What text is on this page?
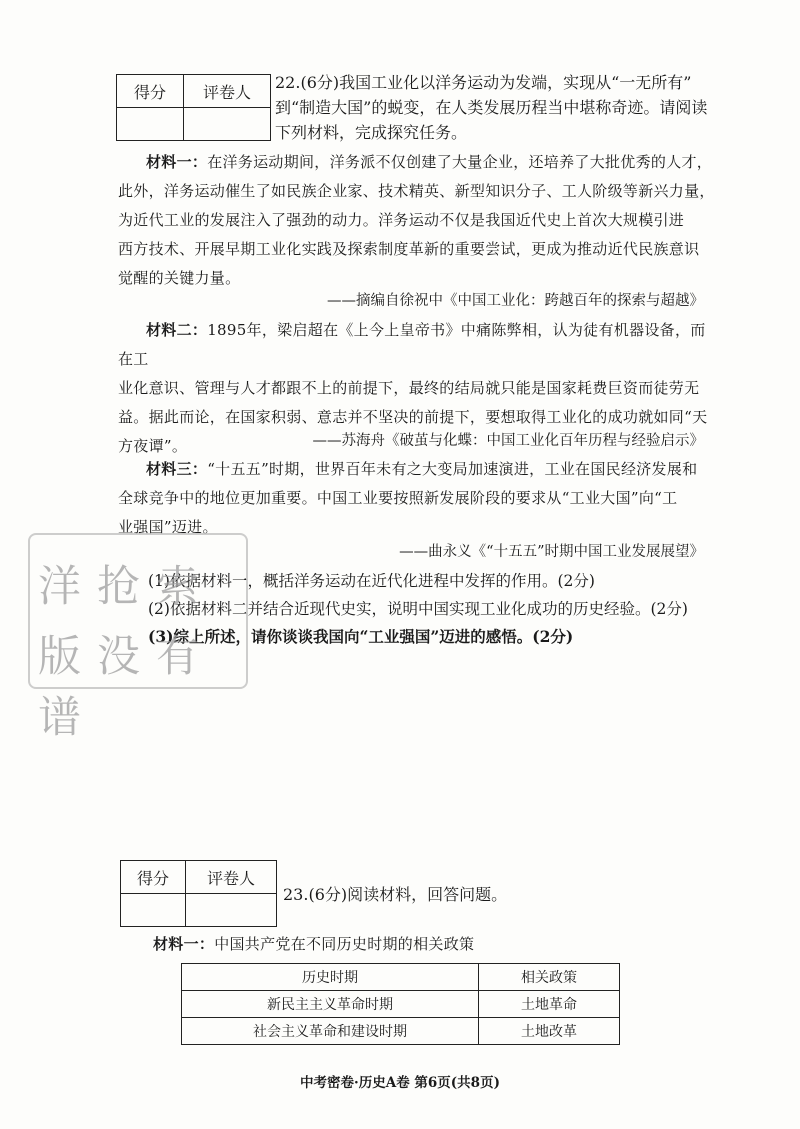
得分	评卷人
	22.(6分)我国工业化以洋务运动为发端，实现从“一无所有”
到“制造大国”的蜕变，在人类发展历程当中堪称奇迹。请阅读
下列材料，完成探究任务。
材料一：在洋务运动期间，洋务派不仅创建了大量企业，还培养了大批优秀的人才，
此外，洋务运动催生了如民族企业家、技术精英、新型知识分子、工人阶级等新兴力量，
为近代工业的发展注入了强劲的动力。洋务运动不仅是我国近代史上首次大规模引进
西方技术、开展早期工业化实践及探索制度革新的重要尝试，更成为推动近代民族意识
觉醒的关键力量。
——摘编自徐祝中《中国工业化：跨越百年的探索与超越》
材料二：1895年，梁启超在《上今上皇帝书》中痛陈弊相，认为徒有机器设备，而在工
业化意识、管理与人才都跟不上的前提下，最终的结局就只能是国家耗费巨资而徒劳无
益。据此而论，在国家积弱、意志并不坚决的前提下，要想取得工业化的成功就如同“天
方夜谭”。	——苏海舟《破茧与化蝶：中国工业化百年历程与经验启示》
材料三：“十五五”时期，世界百年未有之大变局加速演进，工业在国民经济发展和
全球竞争中的地位更加重要。中国工业要按照新发展阶段的要求从“工业大国”向“工
业强国”迈进。
——曲永义《“十五五”时期中国工业发展展望》
(1)依据材料一，概括洋务运动在近代化进程中发挥的作用。(2分)
(2)依据材料二并结合近现代史实，说明中国实现工业化成功的历史经验。(2分)
(3)综上所述，请你谈谈我国向“工业强国”迈进的感悟。(2分)
洋抢索
版没有谱
得分	评卷人

23.(6分)阅读材料，回答问题。
材料一：中国共产党在不同历史时期的相关政策
历史时期	相关政策
新民主主义革命时期	土地革命
社会主义革命和建设时期	土地改革
中考密卷·历史A卷 第6页(共8页)
